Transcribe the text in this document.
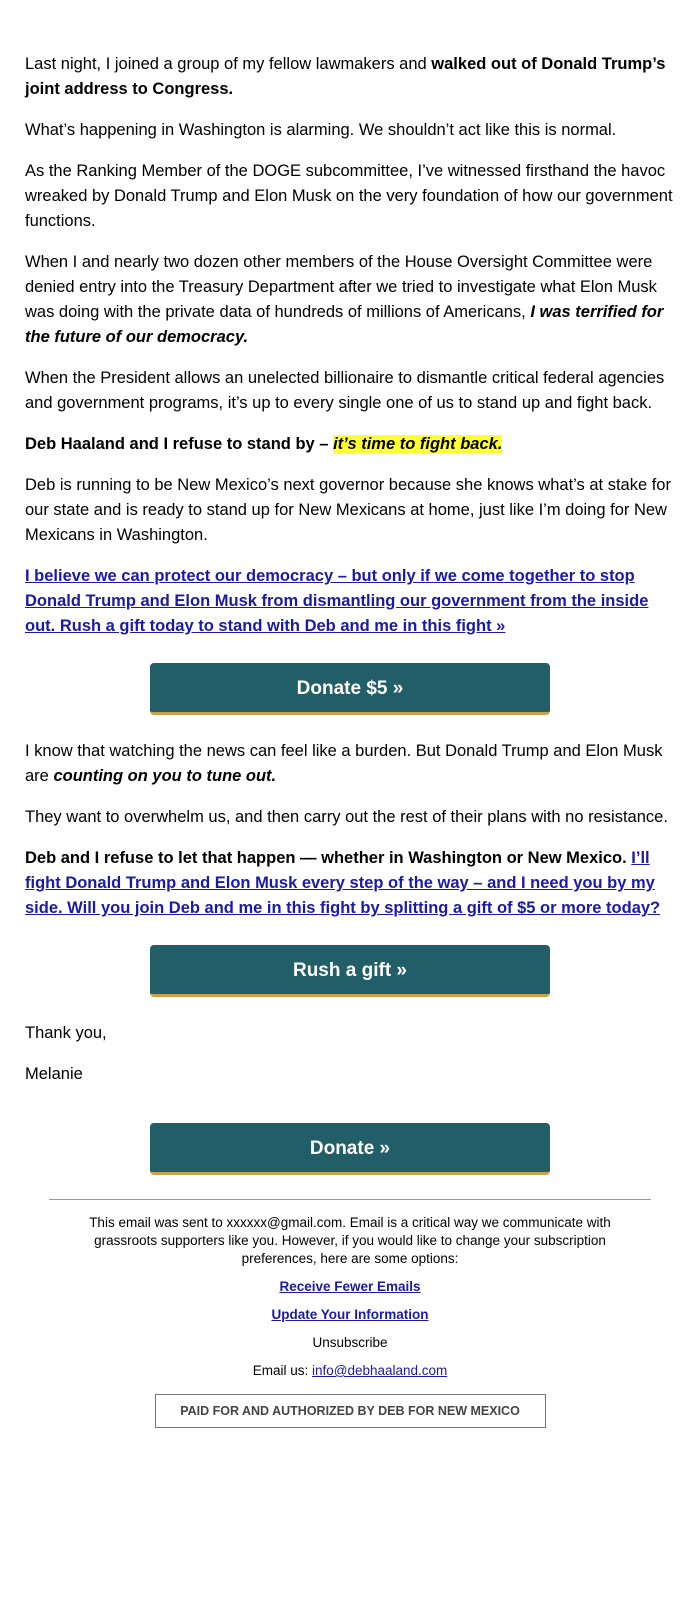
Last night, I joined a group of my fellow lawmakers and walked out of Donald Trump’s joint address to Congress.

What’s happening in Washington is alarming. We shouldn’t act like this is normal.

As the Ranking Member of the DOGE subcommittee, I’ve witnessed firsthand the havoc wreaked by Donald Trump and Elon Musk on the very foundation of how our government functions.

When I and nearly two dozen other members of the House Oversight Committee were denied entry into the Treasury Department after we tried to investigate what Elon Musk was doing with the private data of hundreds of millions of Americans, I was terrified for the future of our democracy.

When the President allows an unelected billionaire to dismantle critical federal agencies and government programs, it’s up to every single one of us to stand up and fight back.

Deb Haaland and I refuse to stand by – it’s time to fight back.

Deb is running to be New Mexico’s next governor because she knows what’s at stake for our state and is ready to stand up for New Mexicans at home, just like I’m doing for New Mexicans in Washington.

I believe we can protect our democracy – but only if we come together to stop Donald Trump and Elon Musk from dismantling our government from the inside out. Rush a gift today to stand with Deb and me in this fight »

Donate $5 »

I know that watching the news can feel like a burden. But Donald Trump and Elon Musk are counting on you to tune out.

They want to overwhelm us, and then carry out the rest of their plans with no resistance.

Deb and I refuse to let that happen — whether in Washington or New Mexico. I’ll fight Donald Trump and Elon Musk every step of the way – and I need you by my side. Will you join Deb and me in this fight by splitting a gift of $5 or more today?

Rush a gift »

Thank you,

Melanie

Donate »

This email was sent to xxxxxx@gmail.com. Email is a critical way we communicate with grassroots supporters like you. However, if you would like to change your subscription preferences, here are some options:

Receive Fewer Emails

Update Your Information

Unsubscribe

Email us: info@debhaaland.com

PAID FOR AND AUTHORIZED BY DEB FOR NEW MEXICO
